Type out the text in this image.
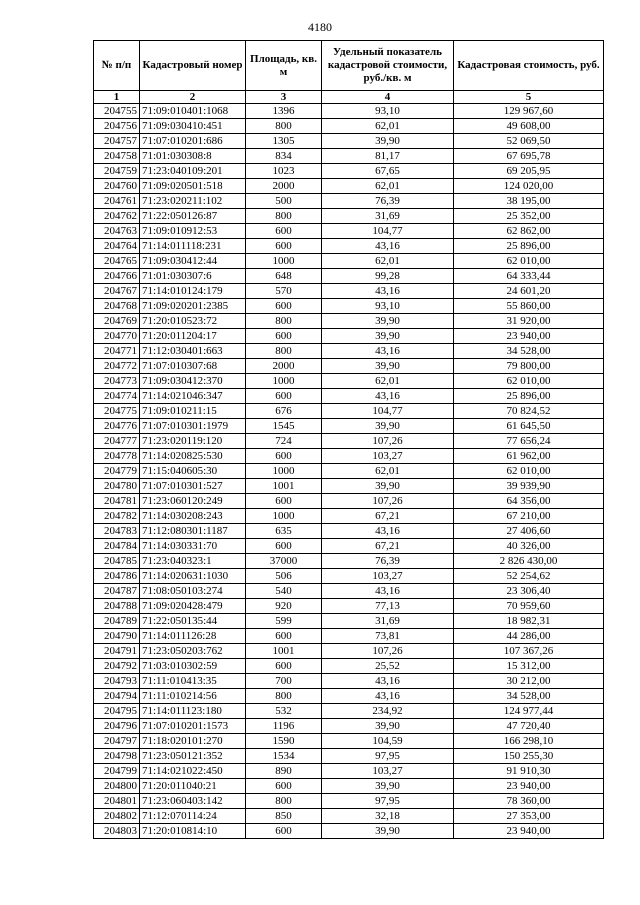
4180
№ п/п	Кадастровый номер	Площадь, кв. м	Удельный показатель кадастровой стоимости, руб./кв. м	Кадастровая стоимость, руб.
1	2	3	4	5
204755	71:09:010401:1068	1396	93,10	129 967,60
204756	71:09:030410:451	800	62,01	49 608,00
204757	71:07:010201:686	1305	39,90	52 069,50
204758	71:01:030308:8	834	81,17	67 695,78
204759	71:23:040109:201	1023	67,65	69 205,95
204760	71:09:020501:518	2000	62,01	124 020,00
204761	71:23:020211:102	500	76,39	38 195,00
204762	71:22:050126:87	800	31,69	25 352,00
204763	71:09:010912:53	600	104,77	62 862,00
204764	71:14:011118:231	600	43,16	25 896,00
204765	71:09:030412:44	1000	62,01	62 010,00
204766	71:01:030307:6	648	99,28	64 333,44
204767	71:14:010124:179	570	43,16	24 601,20
204768	71:09:020201:2385	600	93,10	55 860,00
204769	71:20:010523:72	800	39,90	31 920,00
204770	71:20:011204:17	600	39,90	23 940,00
204771	71:12:030401:663	800	43,16	34 528,00
204772	71:07:010307:68	2000	39,90	79 800,00
204773	71:09:030412:370	1000	62,01	62 010,00
204774	71:14:021046:347	600	43,16	25 896,00
204775	71:09:010211:15	676	104,77	70 824,52
204776	71:07:010301:1979	1545	39,90	61 645,50
204777	71:23:020119:120	724	107,26	77 656,24
204778	71:14:020825:530	600	103,27	61 962,00
204779	71:15:040605:30	1000	62,01	62 010,00
204780	71:07:010301:527	1001	39,90	39 939,90
204781	71:23:060120:249	600	107,26	64 356,00
204782	71:14:030208:243	1000	67,21	67 210,00
204783	71:12:080301:1187	635	43,16	27 406,60
204784	71:14:030331:70	600	67,21	40 326,00
204785	71:23:040323:1	37000	76,39	2 826 430,00
204786	71:14:020631:1030	506	103,27	52 254,62
204787	71:08:050103:274	540	43,16	23 306,40
204788	71:09:020428:479	920	77,13	70 959,60
204789	71:22:050135:44	599	31,69	18 982,31
204790	71:14:011126:28	600	73,81	44 286,00
204791	71:23:050203:762	1001	107,26	107 367,26
204792	71:03:010302:59	600	25,52	15 312,00
204793	71:11:010413:35	700	43,16	30 212,00
204794	71:11:010214:56	800	43,16	34 528,00
204795	71:14:011123:180	532	234,92	124 977,44
204796	71:07:010201:1573	1196	39,90	47 720,40
204797	71:18:020101:270	1590	104,59	166 298,10
204798	71:23:050121:352	1534	97,95	150 255,30
204799	71:14:021022:450	890	103,27	91 910,30
204800	71:20:011040:21	600	39,90	23 940,00
204801	71:23:060403:142	800	97,95	78 360,00
204802	71:12:070114:24	850	32,18	27 353,00
204803	71:20:010814:10	600	39,90	23 940,00
